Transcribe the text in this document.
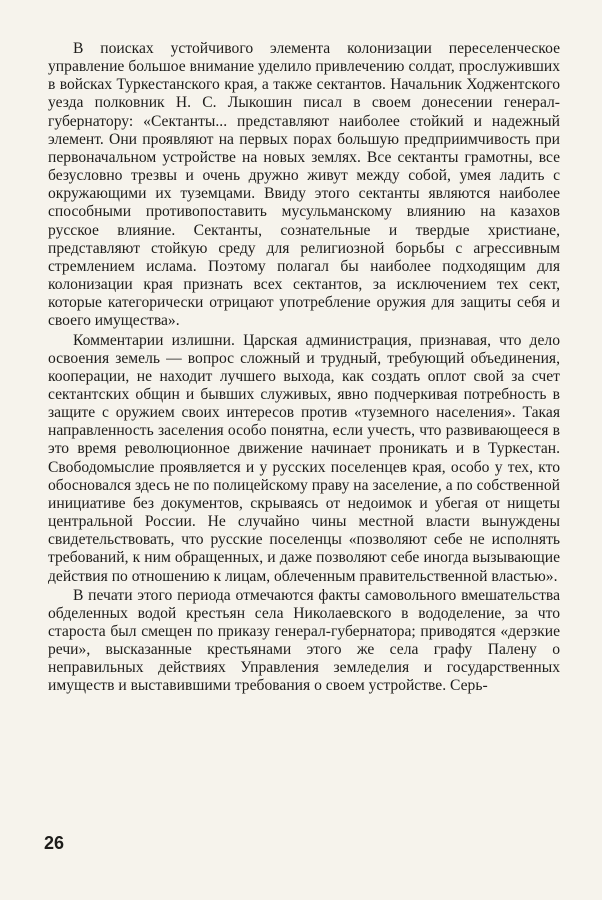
В поисках устойчивого элемента колонизации переселенческое управление большое внимание уделило привлечению солдат, прослуживших в войсках Туркестанского края, а также сектантов. Начальник Ходжентского уезда полковник Н. С. Лыкошин писал в своем донесении генерал-губернатору: «Сектанты... представляют наиболее стойкий и надежный элемент. Они проявляют на первых порах большую предприимчивость при первоначальном устройстве на новых землях. Все сектанты грамотны, все безусловно трезвы и очень дружно живут между собой, умея ладить с окружающими их туземцами. Ввиду этого сектанты являются наиболее способными противопоставить мусульманскому влиянию на казахов русское влияние. Сектанты, сознательные и твердые христиане, представляют стойкую среду для религиозной борьбы с агрессивным стремлением ислама. Поэтому полагал бы наиболее подходящим для колонизации края признать всех сектантов, за исключением тех сект, которые категорически отрицают употребление оружия для защиты себя и своего имущества».

Комментарии излишни. Царская администрация, признавая, что дело освоения земель — вопрос сложный и трудный, требующий объединения, кооперации, не находит лучшего выхода, как создать оплот свой за счет сектантских общин и бывших служивых, явно подчеркивая потребность в защите с оружием своих интересов против «туземного населения». Такая направленность заселения особо понятна, если учесть, что развивающееся в это время революционное движение начинает проникать и в Туркестан. Свободомыслие проявляется и у русских поселенцев края, особо у тех, кто обосновался здесь не по полицейскому праву на заселение, а по собственной инициативе без документов, скрываясь от недоимок и убегая от нищеты центральной России. Не случайно чины местной власти вынуждены свидетельствовать, что русские поселенцы «позволяют себе не исполнять требований, к ним обращенных, и даже позволяют себе иногда вызывающие действия по отношению к лицам, облеченным правительственной властью».

В печати этого периода отмечаются факты самовольного вмешательства обделенных водой крестьян села Николаевского в вододеление, за что староста был смещен по приказу генерал-губернатора; приводятся «дерзкие речи», высказанные крестьянами этого же села графу Палену о неправильных действиях Управления земледелия и государственных имуществ и выставившими требования о своем устройстве. Серь-

26
